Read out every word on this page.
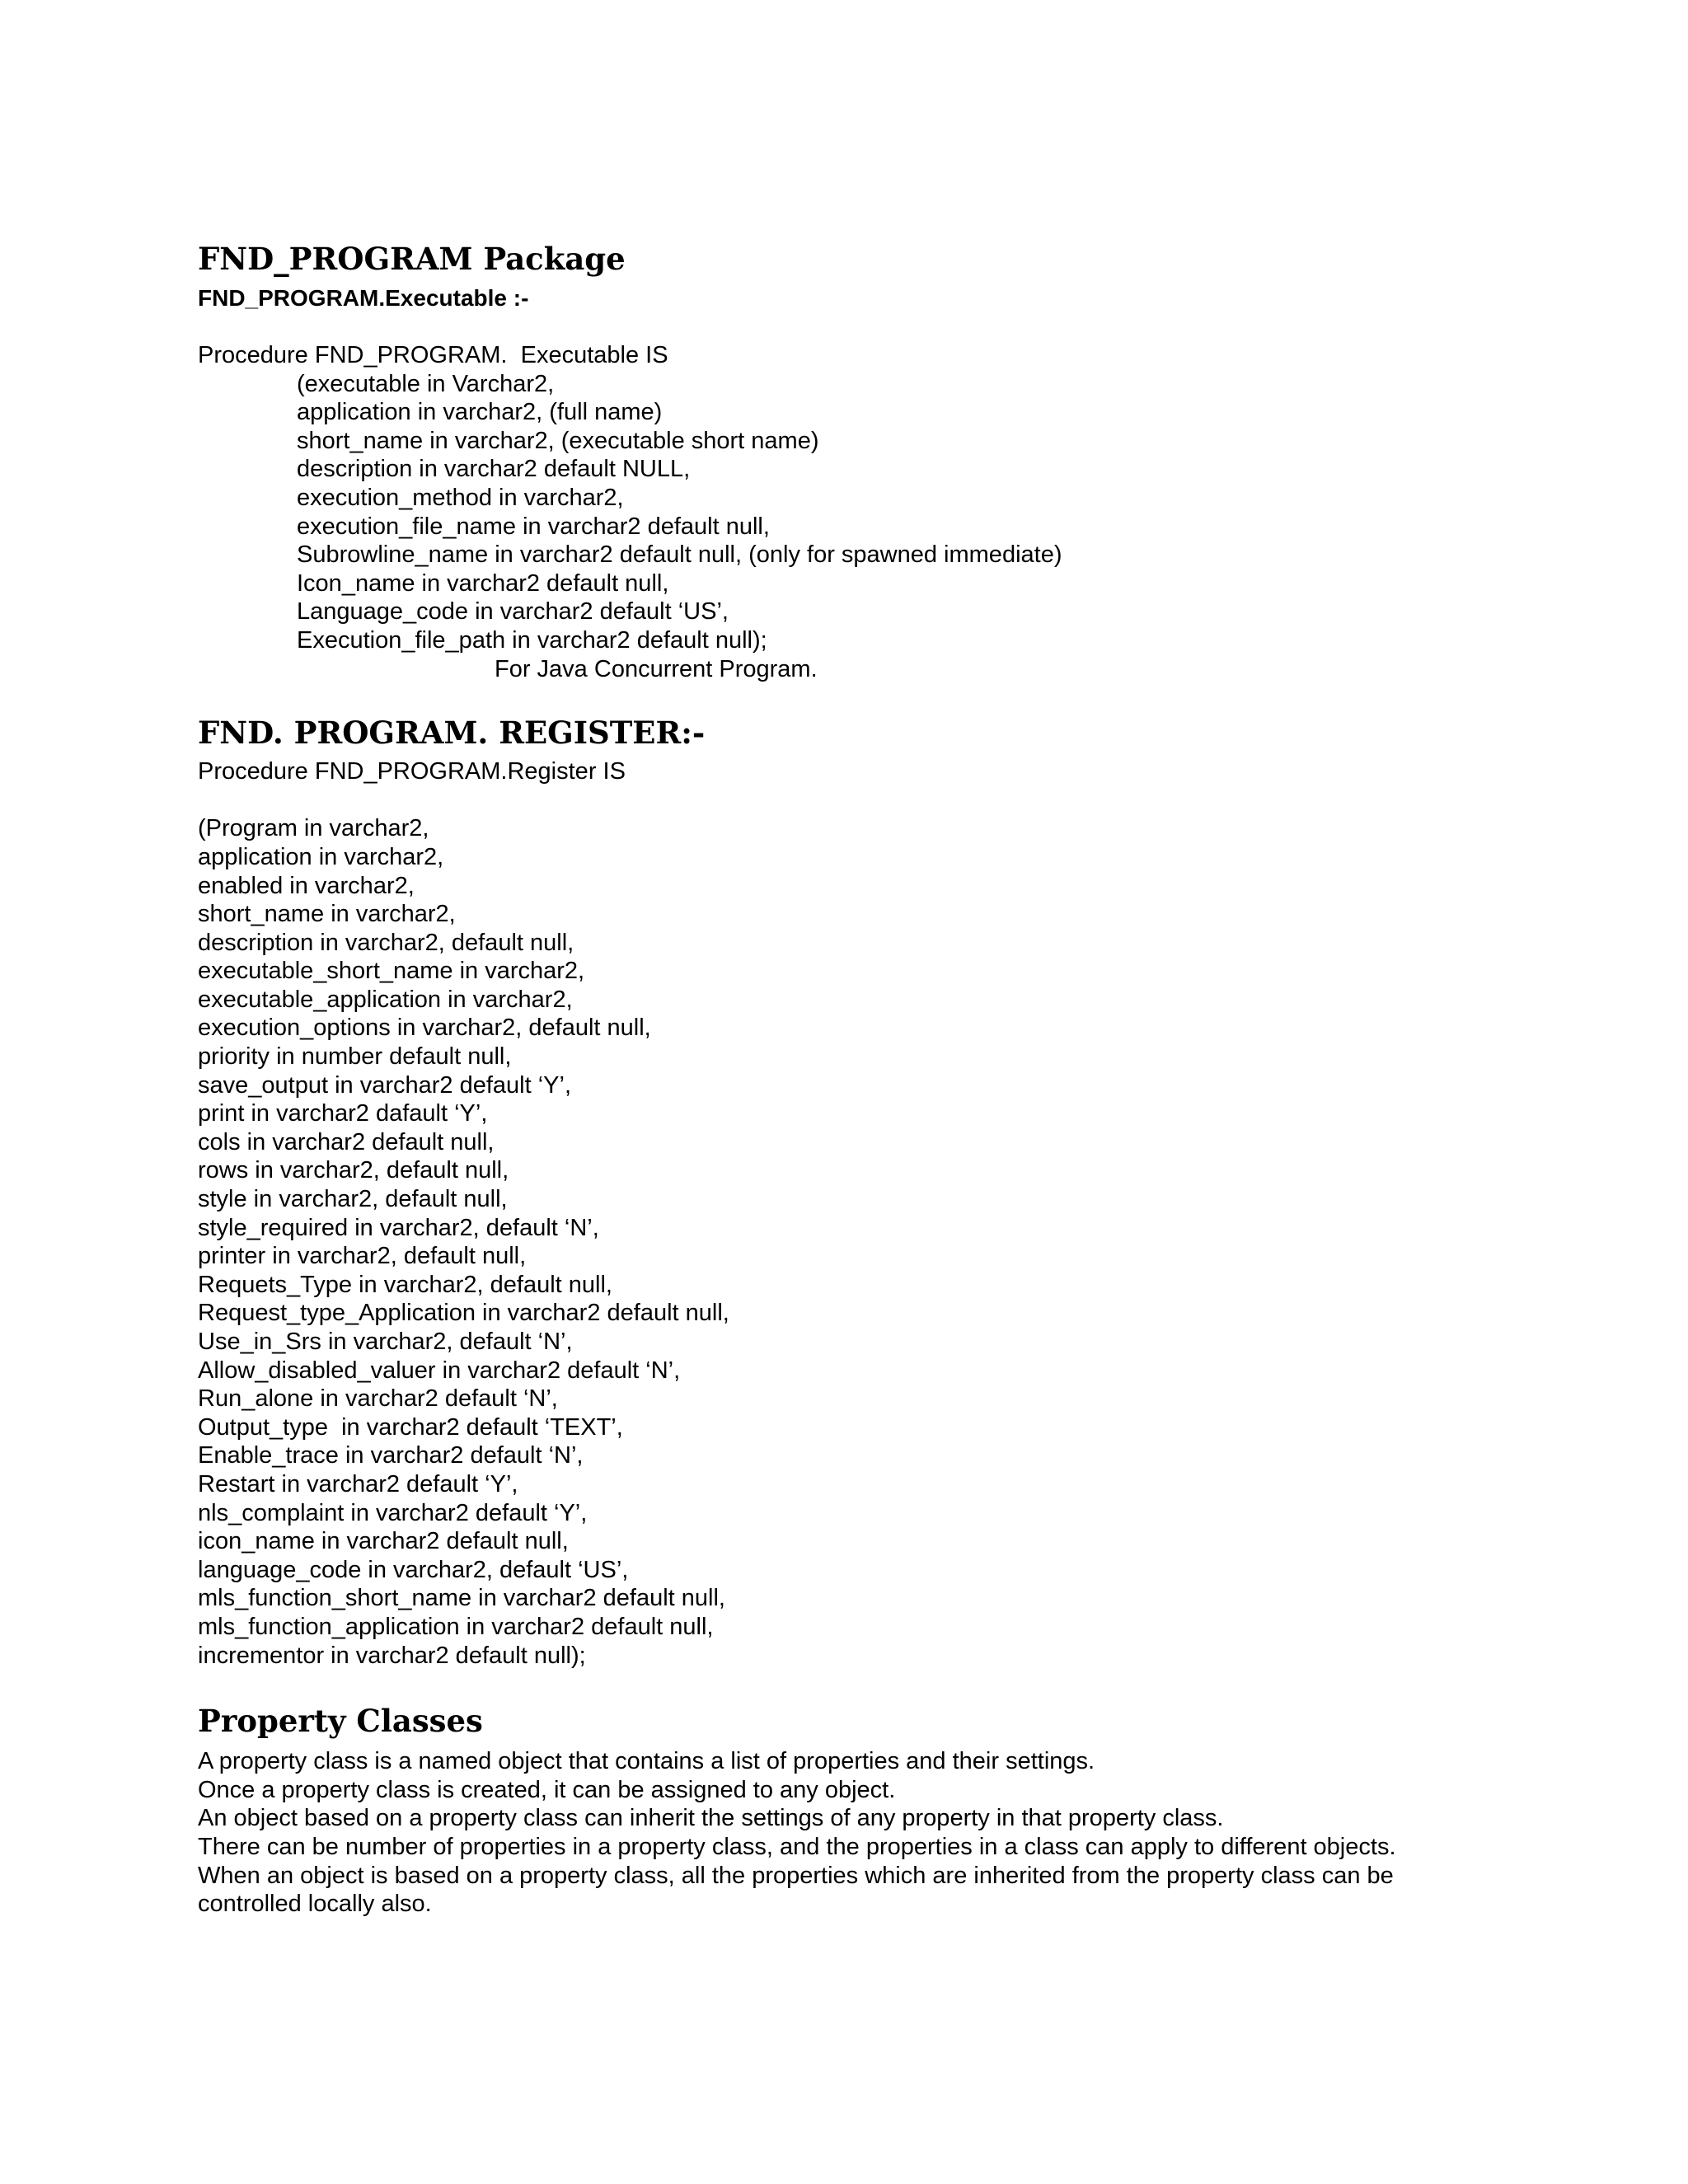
FND_PROGRAM Package
FND_PROGRAM.Executable :-
Procedure FND_PROGRAM.  Executable IS
(executable in Varchar2,
application in varchar2, (full name)
short_name in varchar2, (executable short name)
description in varchar2 default NULL,
execution_method in varchar2,
execution_file_name in varchar2 default null,
Subrowline_name in varchar2 default null, (only for spawned immediate)
Icon_name in varchar2 default null,
Language_code in varchar2 default ‘US’,
Execution_file_path in varchar2 default null);
For Java Concurrent Program.
FND. PROGRAM. REGISTER:-
Procedure FND_PROGRAM.Register IS
(Program in varchar2,
application in varchar2,
enabled in varchar2,
short_name in varchar2,
description in varchar2, default null,
executable_short_name in varchar2,
executable_application in varchar2,
execution_options in varchar2, default null,
priority in number default null,
save_output in varchar2 default ‘Y’,
print in varchar2 dafault ‘Y’,
cols in varchar2 default null,
rows in varchar2, default null,
style in varchar2, default null,
style_required in varchar2, default ‘N’,
printer in varchar2, default null,
Requets_Type in varchar2, default null,
Request_type_Application in varchar2 default null,
Use_in_Srs in varchar2, default ‘N’,
Allow_disabled_valuer in varchar2 default ‘N’,
Run_alone in varchar2 default ‘N’,
Output_type  in varchar2 default ‘TEXT’,
Enable_trace in varchar2 default ‘N’,
Restart in varchar2 default ‘Y’,
nls_complaint in varchar2 default ‘Y’,
icon_name in varchar2 default null,
language_code in varchar2, default ‘US’,
mls_function_short_name in varchar2 default null,
mls_function_application in varchar2 default null,
incrementor in varchar2 default null);
Property Classes
A property class is a named object that contains a list of properties and their settings.
Once a property class is created, it can be assigned to any object.
An object based on a property class can inherit the settings of any property in that property class.
There can be number of properties in a property class, and the properties in a class can apply to different objects.
When an object is based on a property class, all the properties which are inherited from the property class can be
controlled locally also.
